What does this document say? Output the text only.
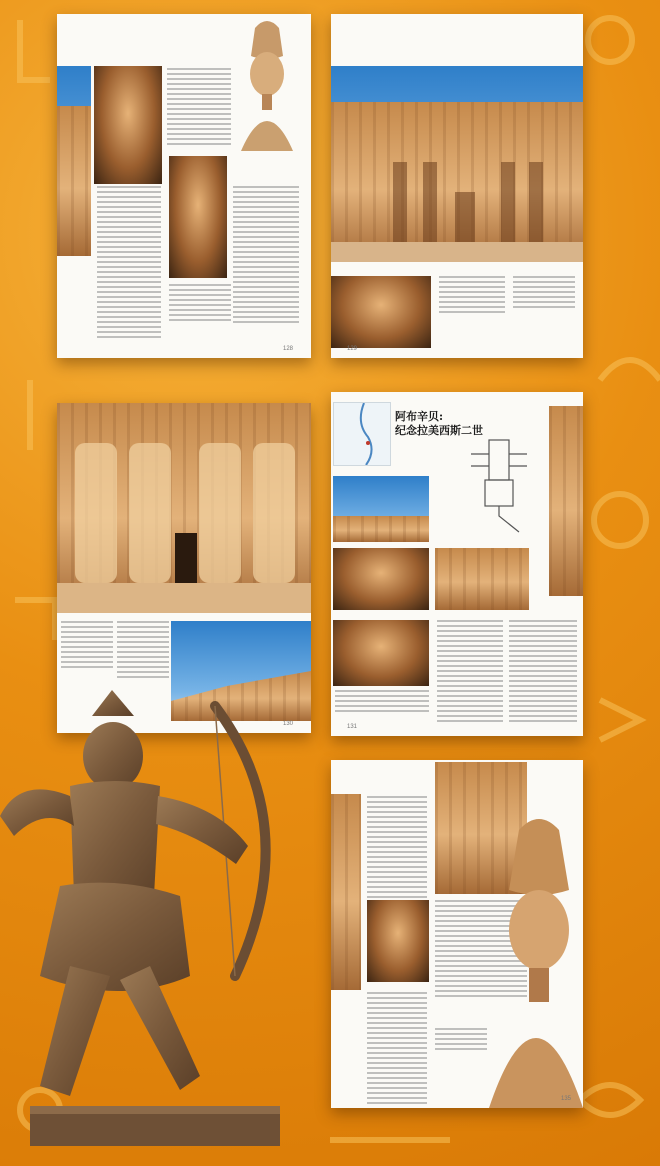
128	129
130
阿布辛贝:
纪念拉美西斯二世
131
135
